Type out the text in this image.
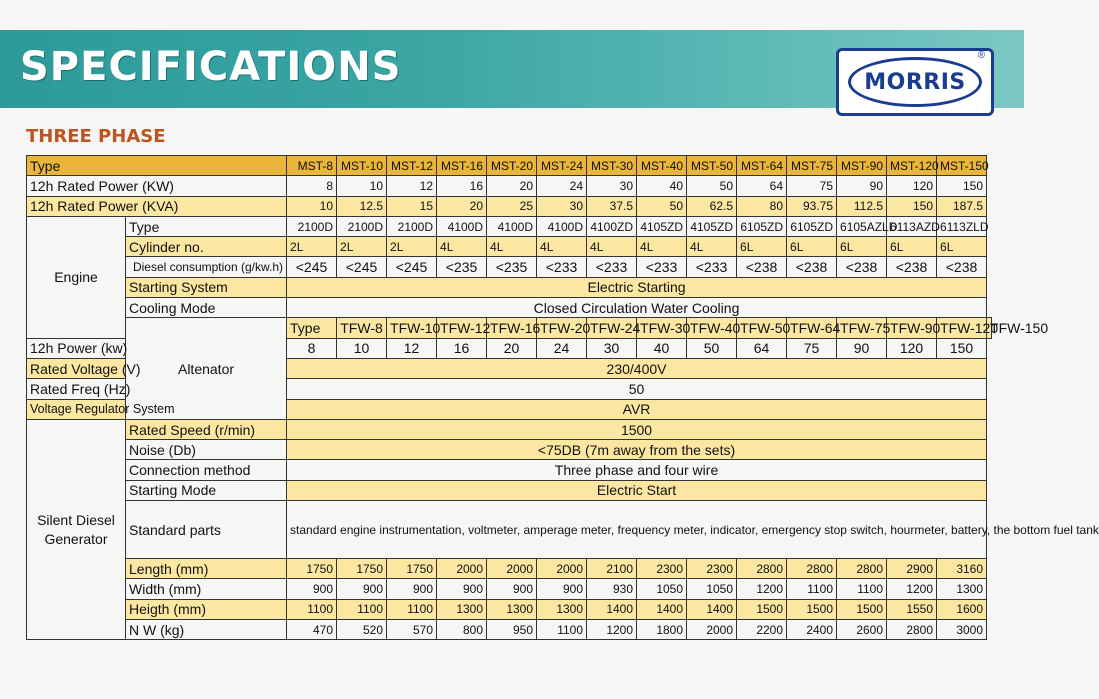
SPECIFICATIONS	MORRIS
®
THREE PHASE
Type		MST-8	MST-10	MST-12	MST-16	MST-20	MST-24	MST-30	MST-40	MST-50	MST-64	MST-75	MST-90	MST-120	MST-150	
12h Rated Power (KW)		8	10	12	16	20	24	30	40	50	64	75	90	120	150	
12h Rated Power (KVA)		10	12.5	15	20	25	30	37.5	50	62.5	80	93.75	112.5	150	187.5	
Engine	Type	2100D	2100D	2100D	4100D	4100D	4100D	4100ZD	4105ZD	4105ZD	6105ZD	6105ZD	6105AZLD	6113AZD	6113ZLD	
	Cylinder no.	2L	2L	2L	4L	4L	4L	4L	4L	4L	6L	6L	6L	6L	6L	
	Diesel consumption (g/kw.h)	<245	<245	<245	<235	<235	<233	<233	<233	<233	<238	<238	<238	<238	<238	
	Starting System	Electric Starting														
	Cooling Mode	Closed Circulation Water Cooling														
	Altenator	Type	TFW-8	TFW-10	TFW-12	TFW-16	TFW-20	TFW-24	TFW-30	TFW-40	TFW-50	TFW-64	TFW-75	TFW-90	TFW-120	TFW-150
12h Power (kw)		8	10	12	16	20	24	30	40	50	64	75	90	120	150	
Rated Voltage (V)		230/400V														
Rated Freq (Hz)		50														
Voltage Regulator System		AVR														

Silent Diesel
Generator	Rated Speed (r/min)	1500														
	Noise (Db)	<75DB (7m away from the sets)														
	Connection method	Three phase and four wire														
	Starting Mode	Electric Start														
	Standard parts	standard engine instrumentation, voltmeter, amperage meter, frequency meter, indicator, emergency stop switch, hourmeter, battery, the bottom fuel tank														
	Length (mm)	1750	1750	1750	2000	2000	2000	2100	2300	2300	2800	2800	2800	2900	3160	
	Width (mm)	900	900	900	900	900	900	930	1050	1050	1200	1100	1100	1200	1300	
	Heigth (mm)	1100	1100	1100	1300	1300	1300	1400	1400	1400	1500	1500	1500	1550	1600	
	N W (kg)	470	520	570	800	950	1100	1200	1800	2000	2200	2400	2600	2800	3000	
